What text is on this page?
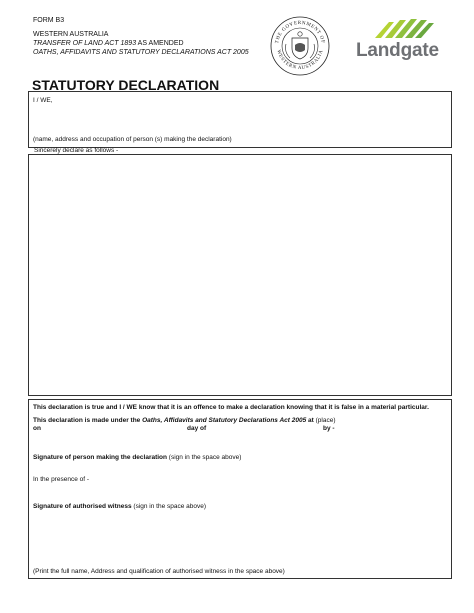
FORM B3
WESTERN AUSTRALIA
TRANSFER OF LAND ACT 1893 AS AMENDED
OATHS, AFFIDAVITS AND STATUTORY DECLARATIONS ACT 2005
THE GOVERNMENT OF
WESTERN AUSTRALIA Landgate
STATUTORY DECLARATION
I / WE,
(name, address and occupation of person (s) making the declaration)
Sincerely declare as follows -
This declaration is true and I / WE know that it is an offence to make a declaration knowing that it is false in a material particular.
This declaration is made under the Oaths, Affidavits and Statutory Declarations Act 2005 at (place)
on	day of	by -
Signature of person making the declaration (sign in the space above)
In the presence of -
Signature of authorised witness (sign in the space above)
(Print the full name, Address and qualification of authorised witness in the space above)
